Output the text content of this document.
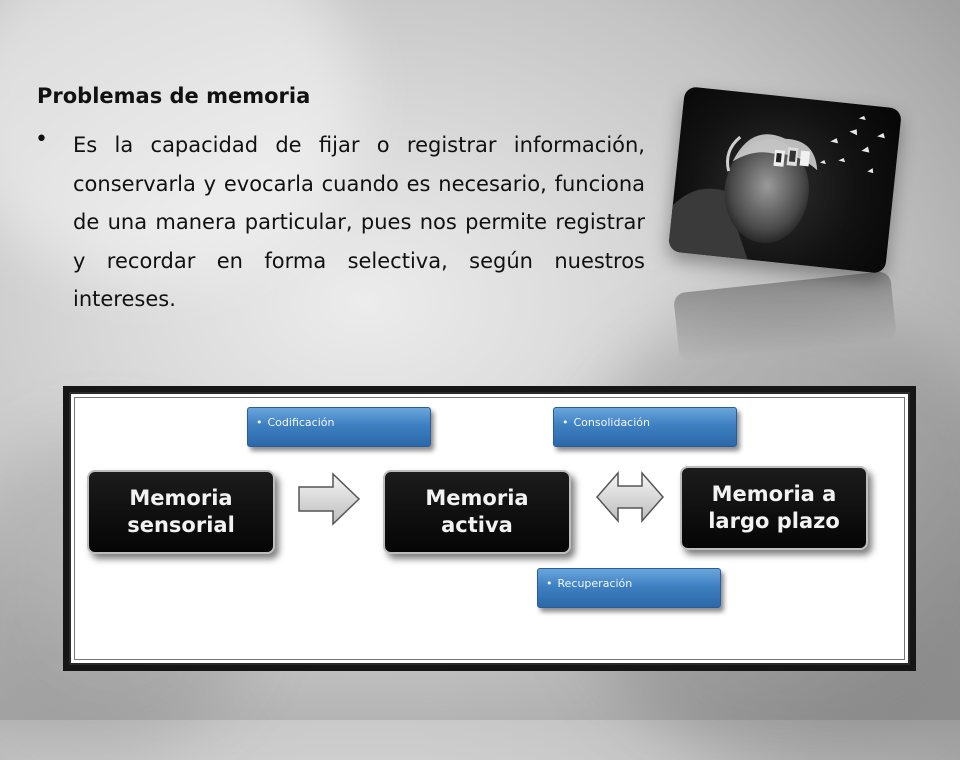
Problemas de memoria
• Es la capacidad de fijar o registrar información, conservarla y evocarla cuando es necesario, funciona de una manera particular, pues nos permite registrar y recordar en forma selectiva, según nuestros intereses.

• Codificación	• Consolidación
• Recuperación
Memoria
sensorial
Memoria
activa
Memoria a
largo plazo
